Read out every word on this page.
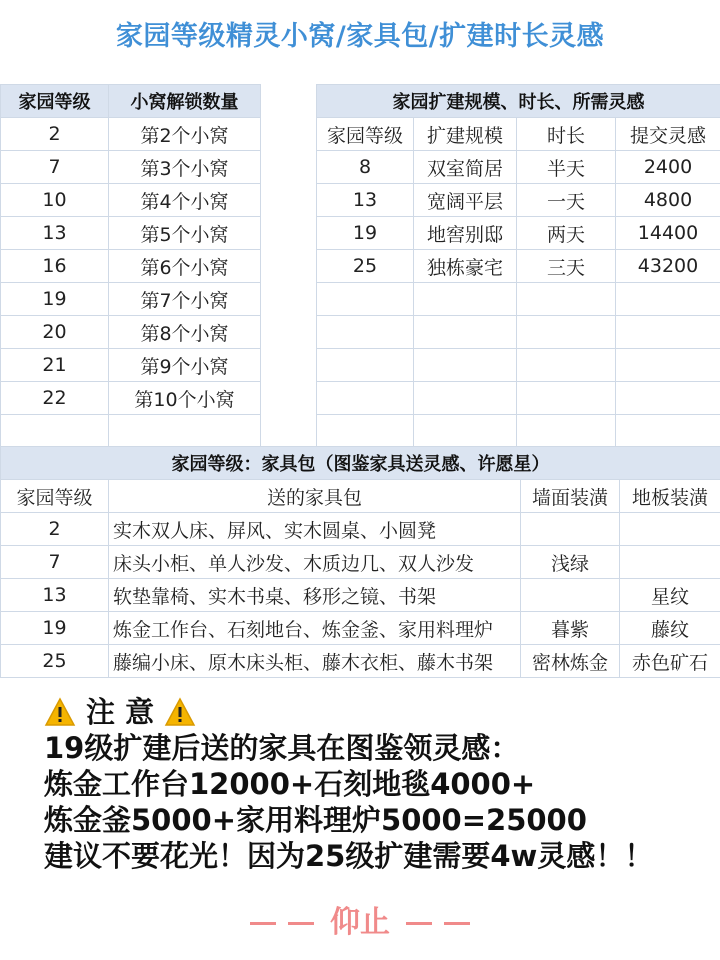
家园等级精灵小窝/家具包/扩建时长灵感
家园等级	小窝解锁数量		家园扩建规模、时长、所需灵感			
2	第2个小窝		家园等级	扩建规模	时长	提交灵感
7	第3个小窝		8	双室简居	半天	2400
10	第4个小窝		13	宽阔平层	一天	4800
13	第5个小窝		19	地窖别邸	两天	14400
16	第6个小窝		25	独栋豪宅	三天	43200
19	第7个小窝					
20	第8个小窝					
21	第9个小窝					
22	第10个小窝					

家园等级：家具包（图鉴家具送灵感、许愿星）			
家园等级	送的家具包	墙面装潢	地板装潢
2	实木双人床、屏风、实木圆桌、小圆凳		
7	床头小柜、单人沙发、木质边几、双人沙发	浅绿	
13	软垫靠椅、实木书桌、移形之镜、书架		星纹
19	炼金工作台、石刻地台、炼金釜、家用料理炉	暮紫	藤纹
25	藤编小床、原木床头柜、藤木衣柜、藤木书架	密林炼金	赤色矿石
注 意
19级扩建后送的家具在图鉴领灵感：
炼金工作台12000+石刻地毯4000+
炼金釜5000+家用料理炉5000=25000
建议不要花光！因为25级扩建需要4w灵感！！
仰止
